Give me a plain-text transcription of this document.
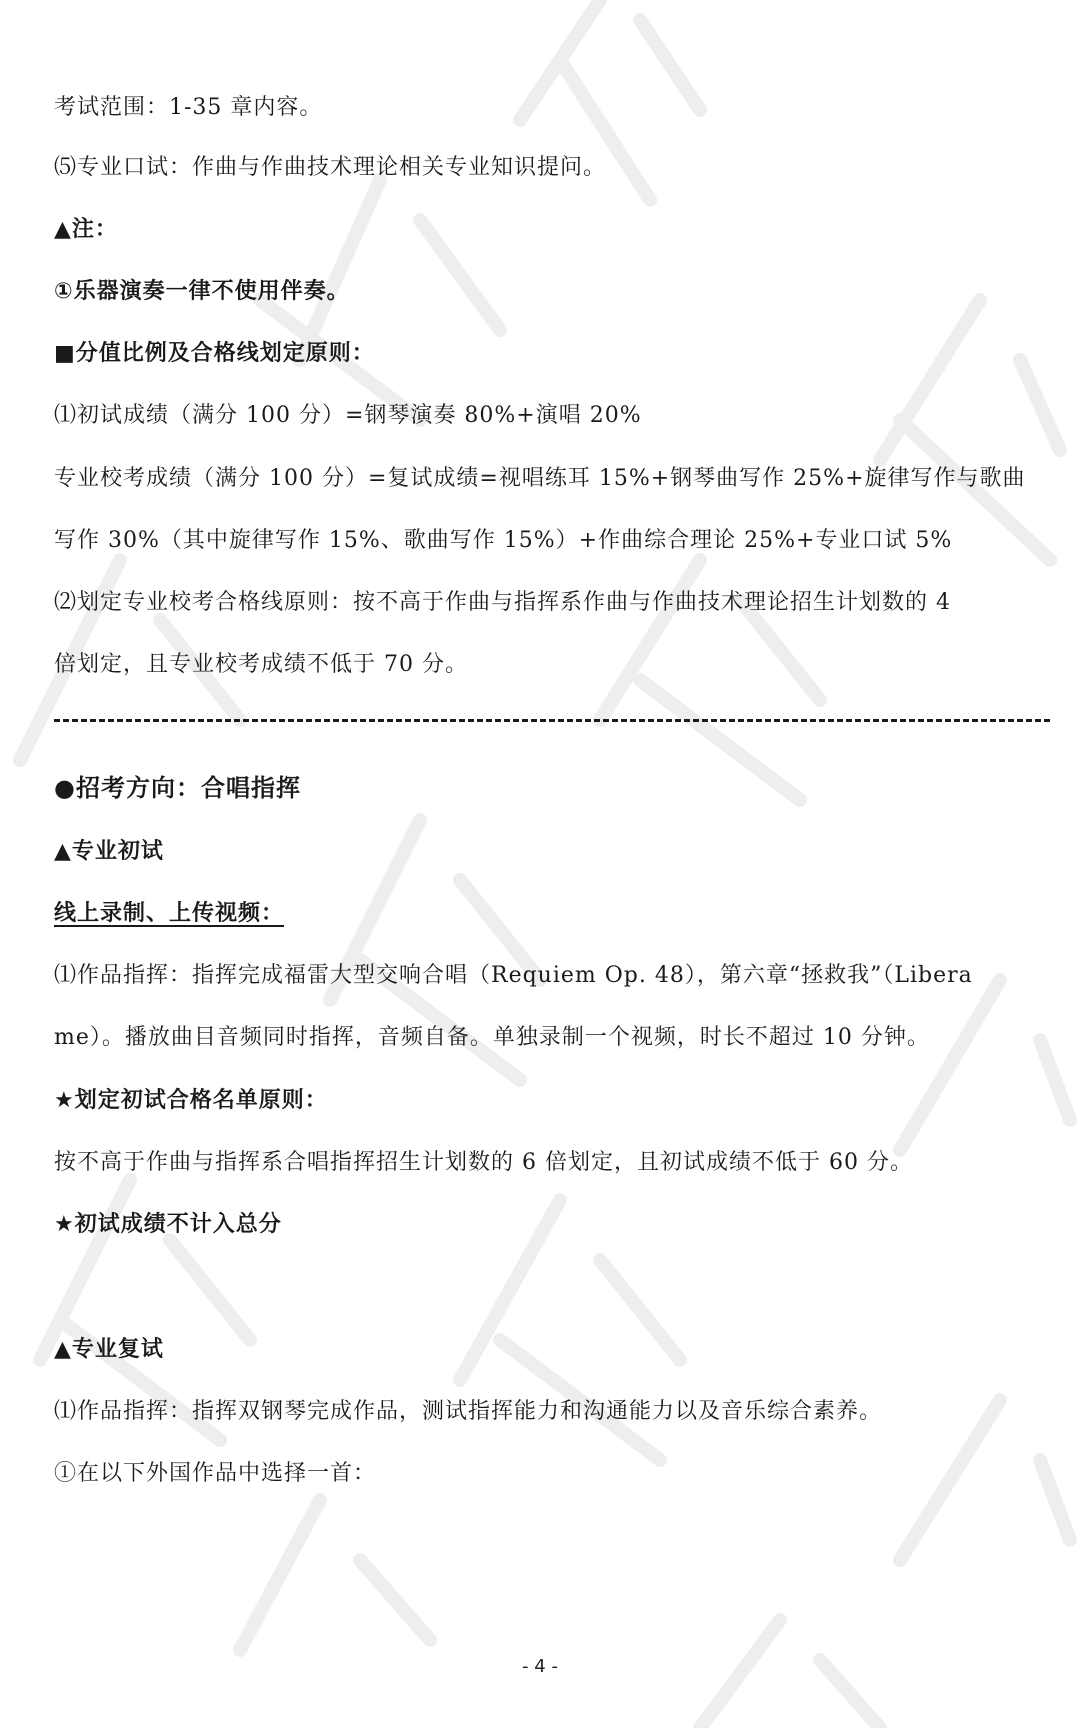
考试范围：1-35 章内容。
⑸专业口试：作曲与作曲技术理论相关专业知识提问。
▲注：
①乐器演奏一律不使用伴奏。
■分值比例及合格线划定原则：
⑴初试成绩（满分 100 分）=钢琴演奏 80%+演唱 20%
专业校考成绩（满分 100 分）=复试成绩=视唱练耳 15%+钢琴曲写作 25%+旋律写作与歌曲
写作 30%（其中旋律写作 15%、歌曲写作 15%）+作曲综合理论 25%+专业口试 5%
⑵划定专业校考合格线原则：按不高于作曲与指挥系作曲与作曲技术理论招生计划数的 4
倍划定，且专业校考成绩不低于 70 分。
●招考方向：合唱指挥
▲专业初试
线上录制、上传视频：
⑴作品指挥：指挥完成福雷大型交响合唱（Requiem Op. 48），第六章“拯救我”（Libera
me）。播放曲目音频同时指挥，音频自备。单独录制一个视频，时长不超过 10 分钟。
★划定初试合格名单原则：
按不高于作曲与指挥系合唱指挥招生计划数的 6 倍划定，且初试成绩不低于 60 分。
★初试成绩不计入总分
▲专业复试
⑴作品指挥：指挥双钢琴完成作品，测试指挥能力和沟通能力以及音乐综合素养。
①在以下外国作品中选择一首：
- 4 -
